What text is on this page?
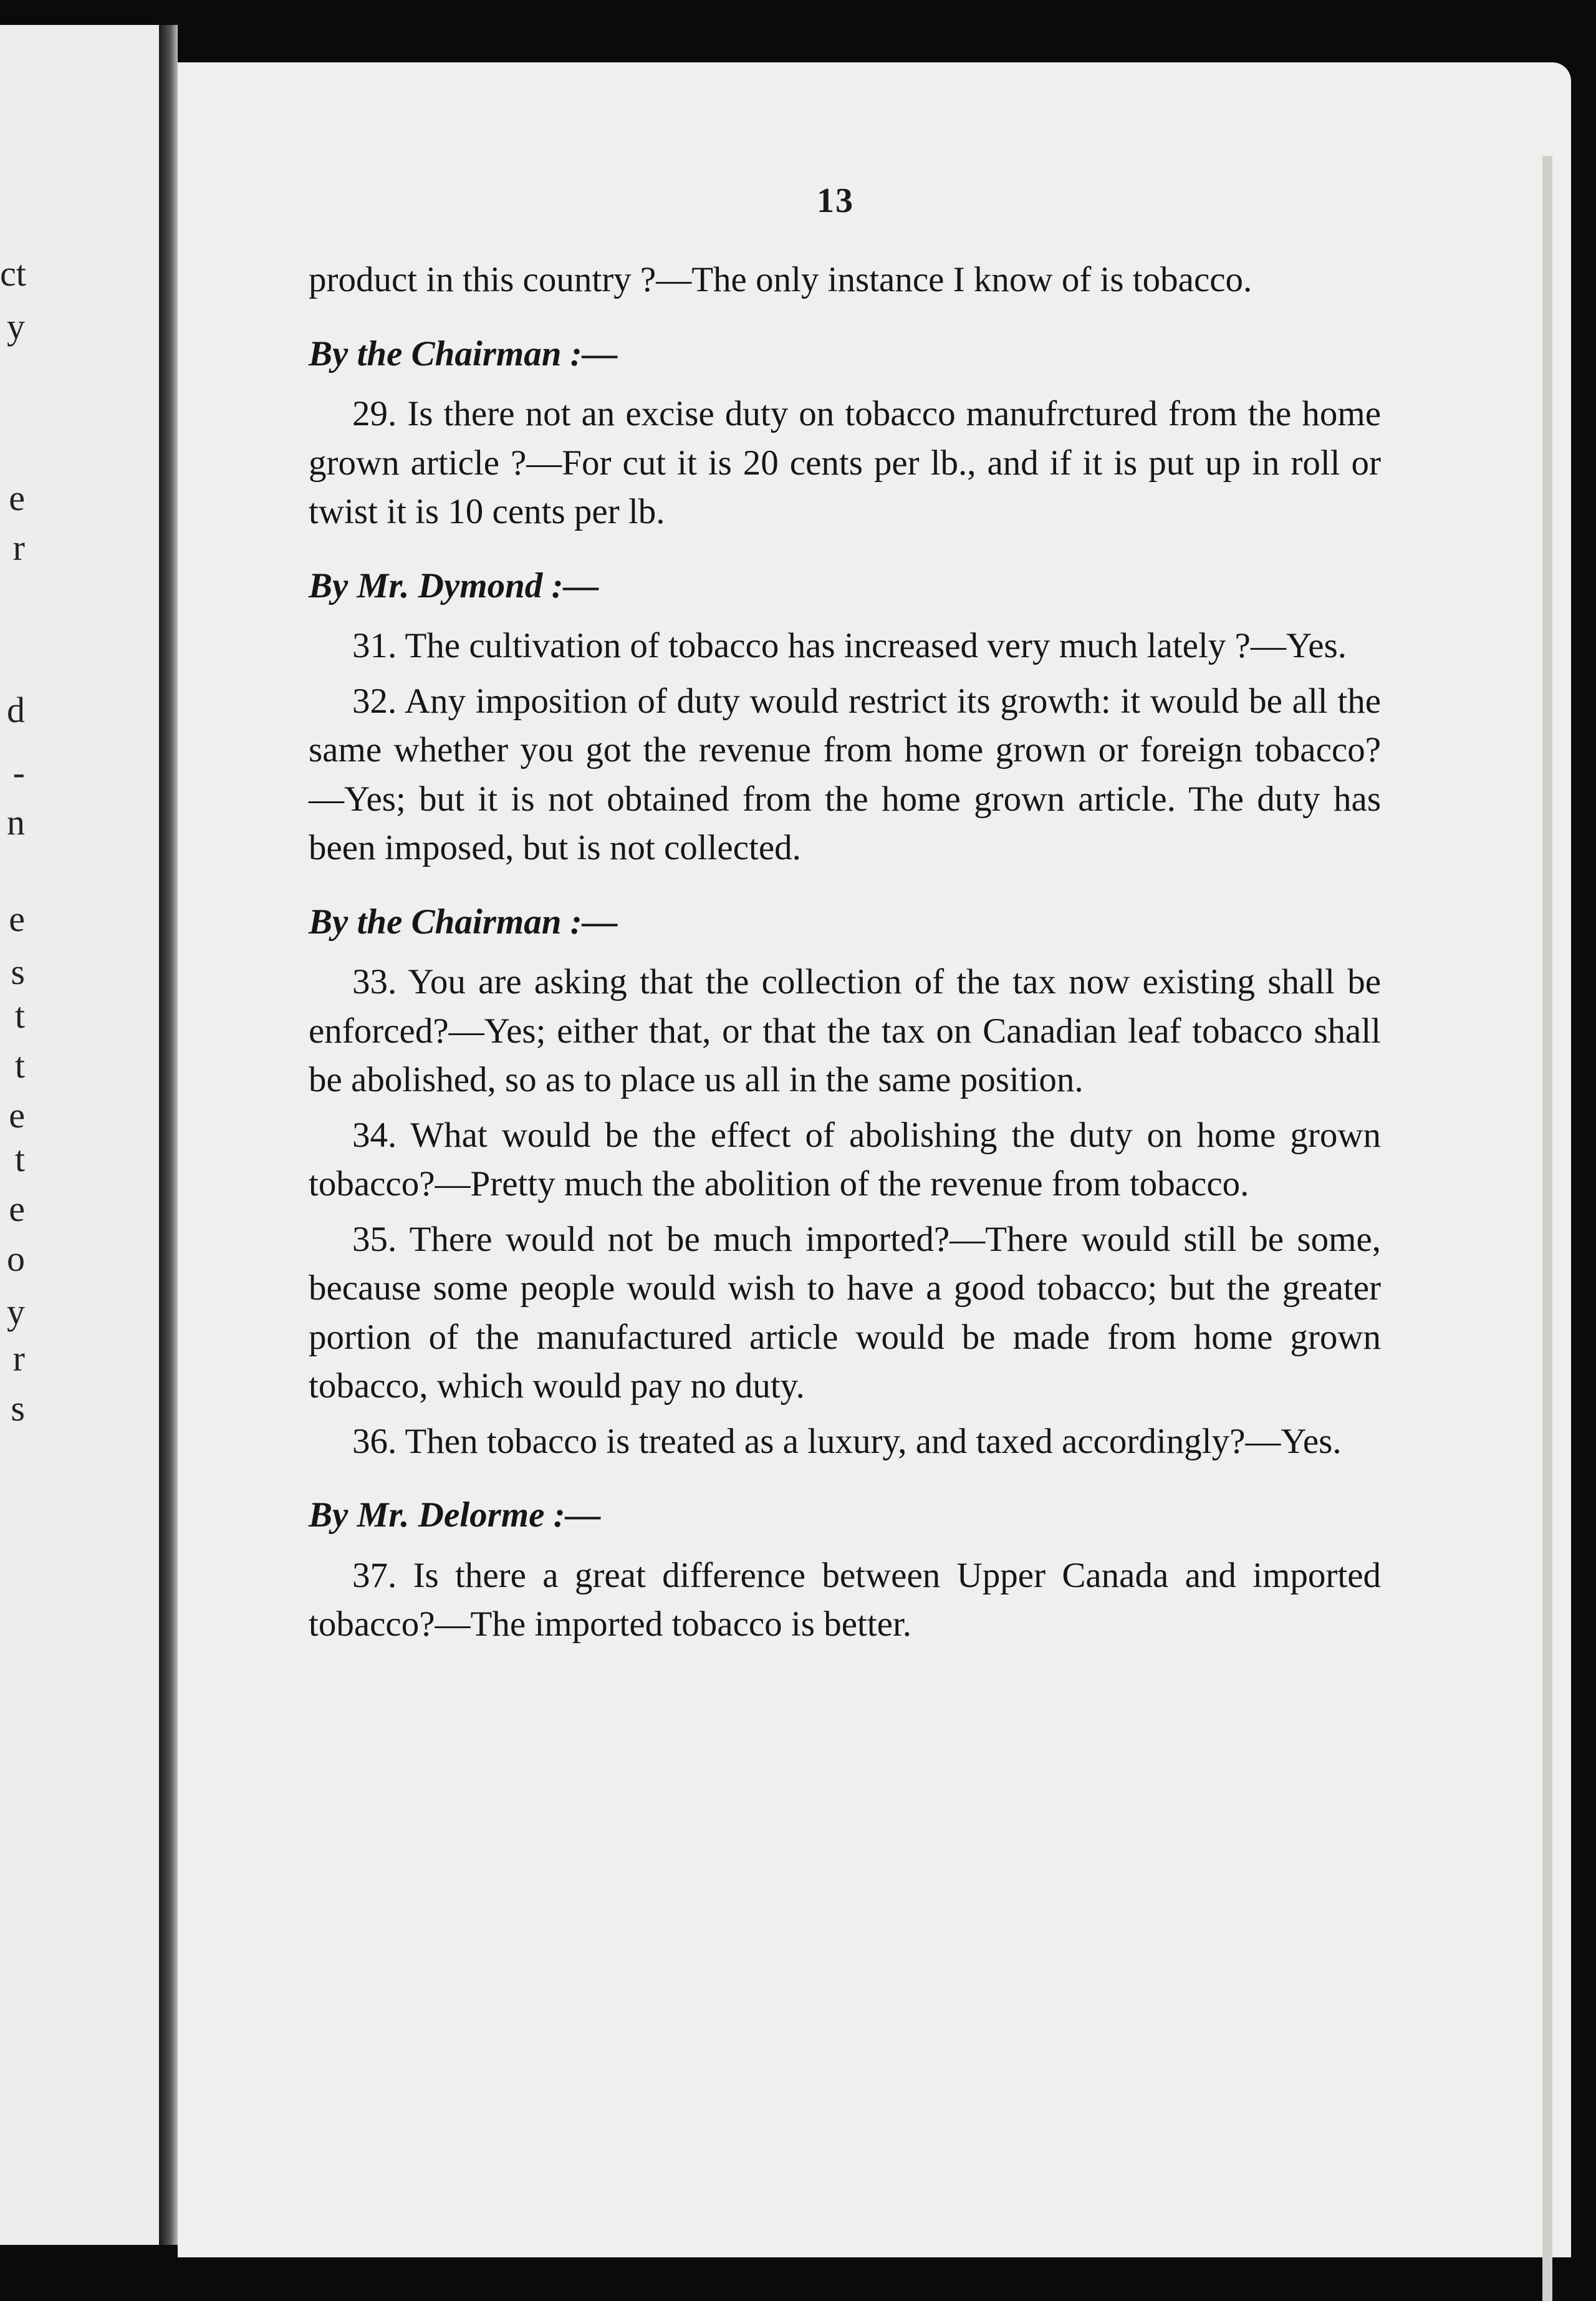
ct
y
e
r
d
-
n
e
s
t
t
e
t
e
o
y
r
s
13

product in this country ?—The only instance I know of is tobacco.

By the Chairman :—

29. Is there not an excise duty on tobacco manufrctured from the home grown article ?—For cut it is 20 cents per lb., and if it is put up in roll or twist it is 10 cents per lb.

By Mr. Dymond :—

31. The cultivation of tobacco has increased very much lately ?—Yes.

32. Any imposition of duty would restrict its growth: it would be all the same whether you got the revenue from home grown or foreign tobacco?—Yes; but it is not obtained from the home grown article. The duty has been imposed, but is not collected.

By the Chairman :—

33. You are asking that the collection of the tax now existing shall be enforced?—Yes; either that, or that the tax on Canadian leaf tobacco shall be abolished, so as to place us all in the same position.

34. What would be the effect of abolishing the duty on home grown tobacco?—Pretty much the abolition of the revenue from tobacco.

35. There would not be much imported?—There would still be some, because some people would wish to have a good tobacco; but the greater portion of the manufactured article would be made from home grown tobacco, which would pay no duty.

36. Then tobacco is treated as a luxury, and taxed accordingly?—Yes.

By Mr. Delorme :—

37. Is there a great difference between Upper Canada and imported tobacco?—The imported tobacco is better.
